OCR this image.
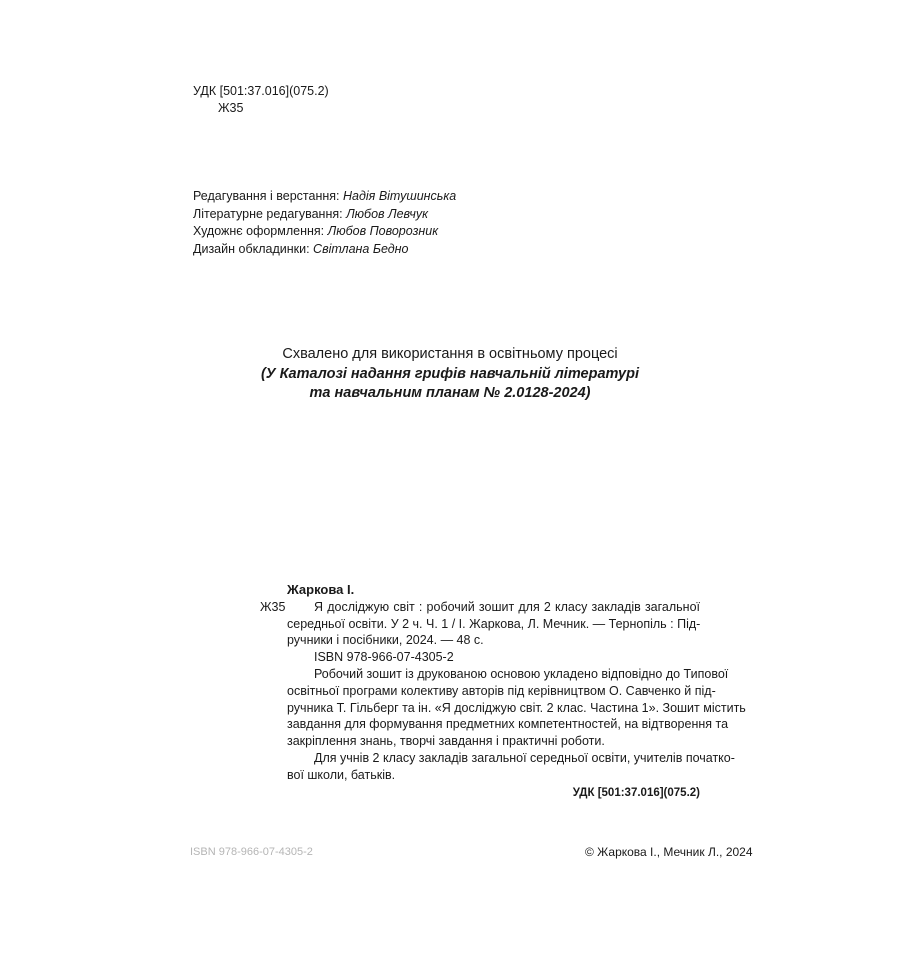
УДК [501:37.016](075.2)
Ж35
Редагування і верстання: Надія Вітушинська
Літературне редагування: Любов Левчук
Художнє оформлення: Любов Поворозник
Дизайн обкладинки: Світлана Бедно
Схвалено для використання в освітньому процесі
(У Каталозі надання грифів навчальній літературі
та навчальним планам № 2.0128-2024)
Жаркова І.
Ж35	Я досліджую світ : робочий зошит для 2 класу закладів загальної
середньої освіти. У 2 ч. Ч. 1 / І. Жаркова, Л. Мечник. — Тернопіль : Під-
ручники і посібники, 2024. — 48 с.
ISBN 978-966-07-4305-2
Робочий зошит із друкованою основою укладено відповідно до Типової
освітньої програми колективу авторів під керівництвом О. Савченко й під-
ручника Т. Гільберг та ін. «Я досліджую світ. 2 клас. Частина 1». Зошит містить
завдання для формування предметних компетентностей, на відтворення та
закріплення знань, творчі завдання і практичні роботи.
Для учнів 2 класу закладів загальної середньої освіти, учителів початко-
вої школи, батьків.
УДК [501:37.016](075.2)
ISBN 978-966-07-4305-2	© Жаркова І., Мечник Л., 2024
